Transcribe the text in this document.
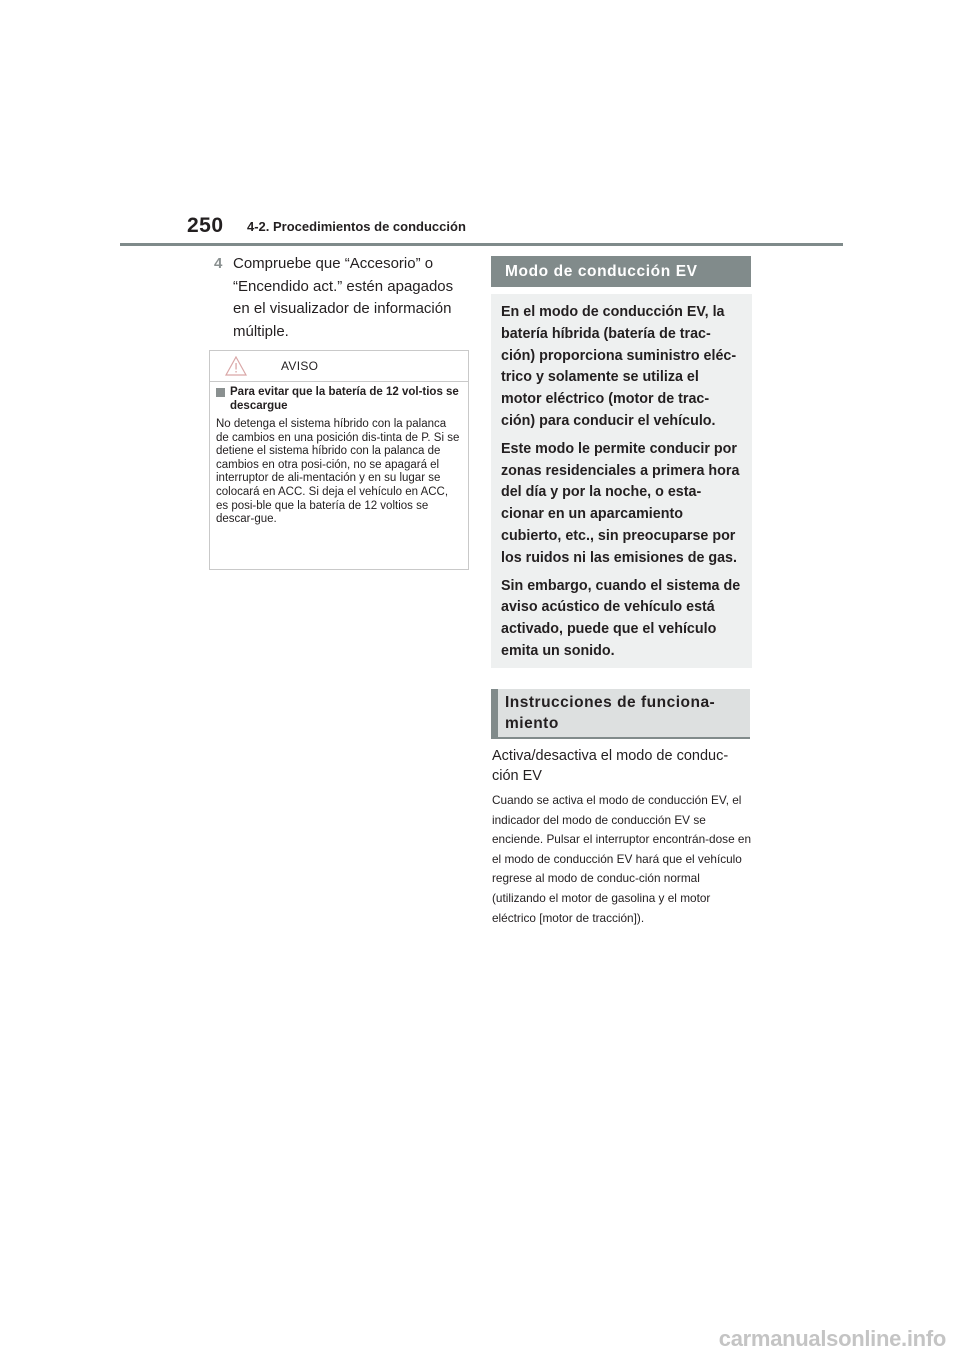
250 4-2. Procedimientos de conducción
4 Compruebe que “Accesorio” o “Encendido act.” estén apagados en el visualizador de información múltiple.
AVISO
Para evitar que la batería de 12 vol-tios se descargue
No detenga el sistema híbrido con la palanca de cambios en una posición dis-tinta de P. Si se detiene el sistema híbrido con la palanca de cambios en otra posi-ción, no se apagará el interruptor de ali-mentación y en su lugar se colocará en ACC. Si deja el vehículo en ACC, es posi-ble que la batería de 12 voltios se descar-gue.
Modo de conducción EV

En el modo de conducción EV, la batería híbrida (batería de trac-ción) proporciona suministro eléc-trico y solamente se utiliza el motor eléctrico (motor de trac-ción) para conducir el vehículo.

Este modo le permite conducir por zonas residenciales a primera hora del día y por la noche, o esta-cionar en un aparcamiento cubierto, etc., sin preocuparse por los ruidos ni las emisiones de gas.

Sin embargo, cuando el sistema de aviso acústico de vehículo está activado, puede que el vehículo emita un sonido.

Instrucciones de funciona-miento
Activa/desactiva el modo de conduc-ción EV
Cuando se activa el modo de conducción EV, el indicador del modo de conducción EV se enciende. Pulsar el interruptor encontrán-dose en el modo de conducción EV hará que el vehículo regrese al modo de conduc-ción normal (utilizando el motor de gasolina y el motor eléctrico [motor de tracción]).
carmanualsonline.info
